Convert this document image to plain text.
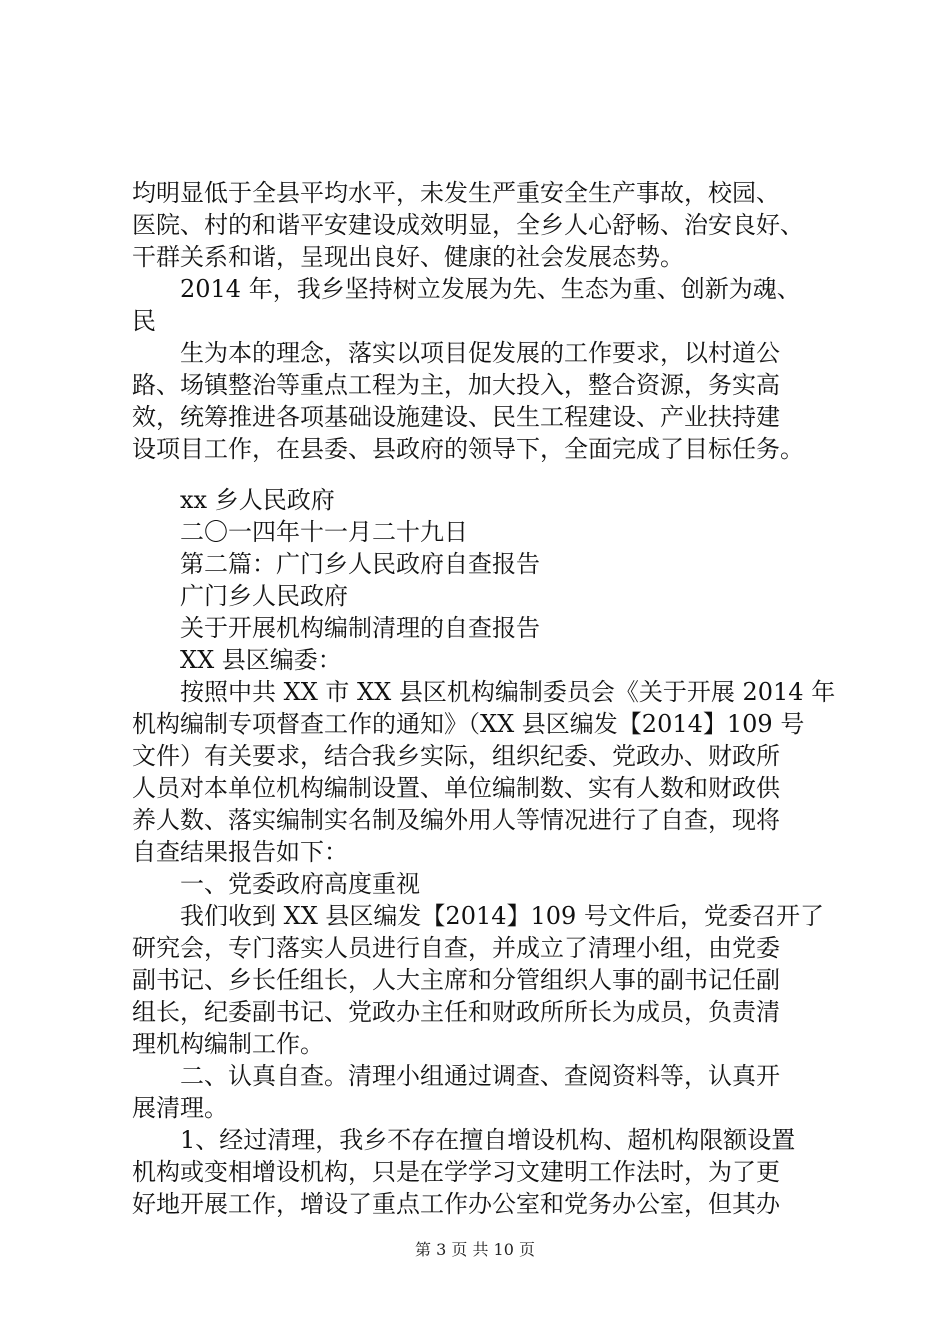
均明显低于全县平均水平，未发生严重安全生产事故，校园、
医院、村的和谐平安建设成效明显，全乡人心舒畅、治安良好、
干群关系和谐，呈现出良好、健康的社会发展态势。
2014 年，我乡坚持树立发展为先、生态为重、创新为魂、
民
生为本的理念，落实以项目促发展的工作要求，以村道公
路、场镇整治等重点工程为主，加大投入，整合资源，务实高
效，统筹推进各项基础设施建设、民生工程建设、产业扶持建
设项目工作，在县委、县政府的领导下，全面完成了目标任务。
xx 乡人民政府
二〇一四年十一月二十九日
第二篇：广门乡人民政府自查报告
广门乡人民政府
关于开展机构编制清理的自查报告
XX 县区编委：
按照中共 XX 市 XX 县区机构编制委员会《关于开展 2014 年
机构编制专项督查工作的通知》（XX 县区编发【2014】109 号
文件）有关要求，结合我乡实际，组织纪委、党政办、财政所
人员对本单位机构编制设置、单位编制数、实有人数和财政供
养人数、落实编制实名制及编外用人等情况进行了自查，现将
自查结果报告如下：
一、党委政府高度重视
我们收到 XX 县区编发【2014】109 号文件后，党委召开了
研究会，专门落实人员进行自查，并成立了清理小组，由党委
副书记、乡长任组长，人大主席和分管组织人事的副书记任副
组长，纪委副书记、党政办主任和财政所所长为成员，负责清
理机构编制工作。
二、认真自查。清理小组通过调查、查阅资料等，认真开
展清理。
1、经过清理，我乡不存在擅自增设机构、超机构限额设置
机构或变相增设机构，只是在学学习文建明工作法时，为了更
好地开展工作，增设了重点工作办公室和党务办公室，但其办
第 3 页 共 10 页
